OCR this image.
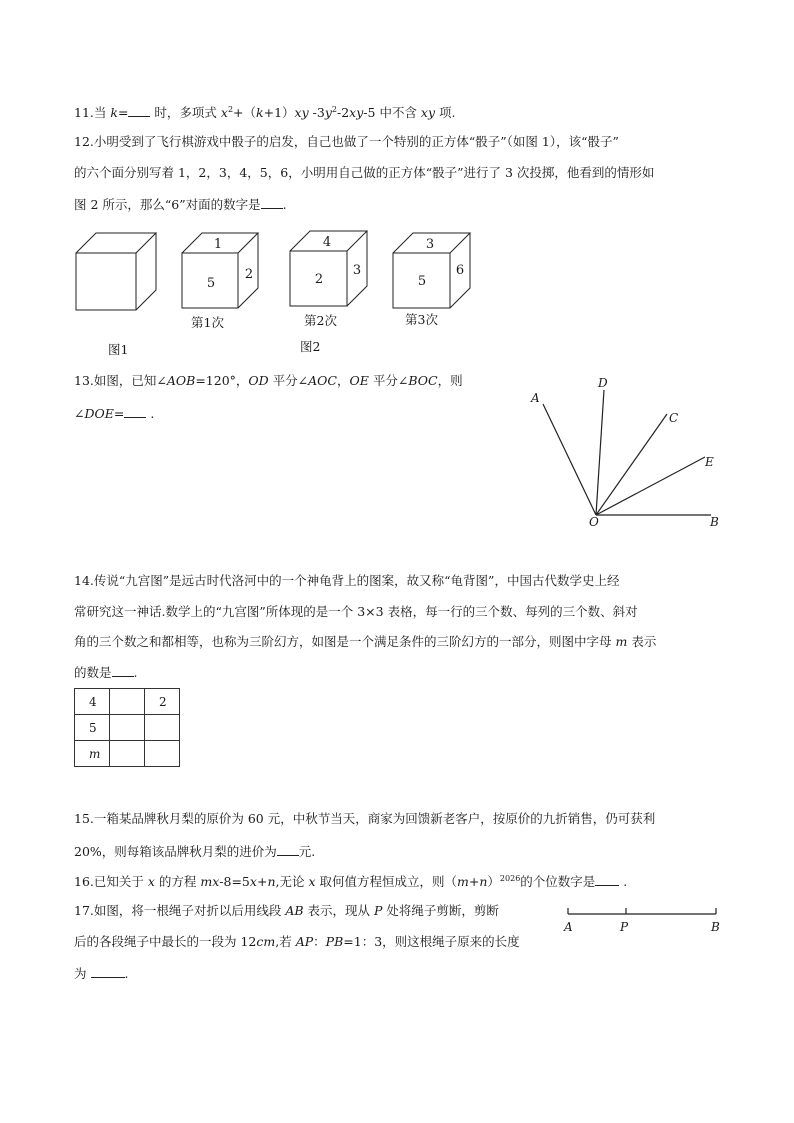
11.当 k= 时，多项式 $x^2+(k+1)xy$ $-3y^2-2xy-5$ 中不含 xy 项.
12.小明受到了飞行棋游戏中骰子的启发，自己也做了一个特别的正方体“骰子”（如图 1），该“骰子”
的六个面分别写着 1，2，3，4，5，6，小明用自己做的正方体“骰子”进行了 3 次投掷，他看到的情形如
图 2 所示，那么“6”对面的数字是 .
1
5
2
4
2
3
3
5
6
第1次	第2次	第3次
图1	图2
13.如图，已知∠AOB=120°，OD 平分∠AOC，OE 平分∠BOC，则
∠DOE= .
A
D
C
E
O	B
14.传说“九宫图”是远古时代洛河中的一个神龟背上的图案，故又称“龟背图”，中国古代数学史上经
常研究这一神话.数学上的“九宫图”所体现的是一个 3×3 表格，每一行的三个数、每列的三个数、斜对
角的三个数之和都相等，也称为三阶幻方，如图是一个满足条件的三阶幻方的一部分，则图中字母 m 表示
的数是 .
4		2
5		
m		
15.一箱某品牌秋月梨的原价为 60 元，中秋节当天，商家为回馈新老客户，按原价的九折销售，仍可获利
20%，则每箱该品牌秋月梨的进价为 元.
16.已知关于 x 的方程 mx-8=5x+n,无论 x 取何值方程恒成立，则$(m+n)^{2026}$的个位数字是 .
17.如图，将一根绳子对折以后用线段 AB 表示，现从 P 处将绳子剪断，剪断
后的各段绳子中最长的一段为 12cm,若 AP：PB=1：3，则这根绳子原来的长度
为	.
A	P	B
